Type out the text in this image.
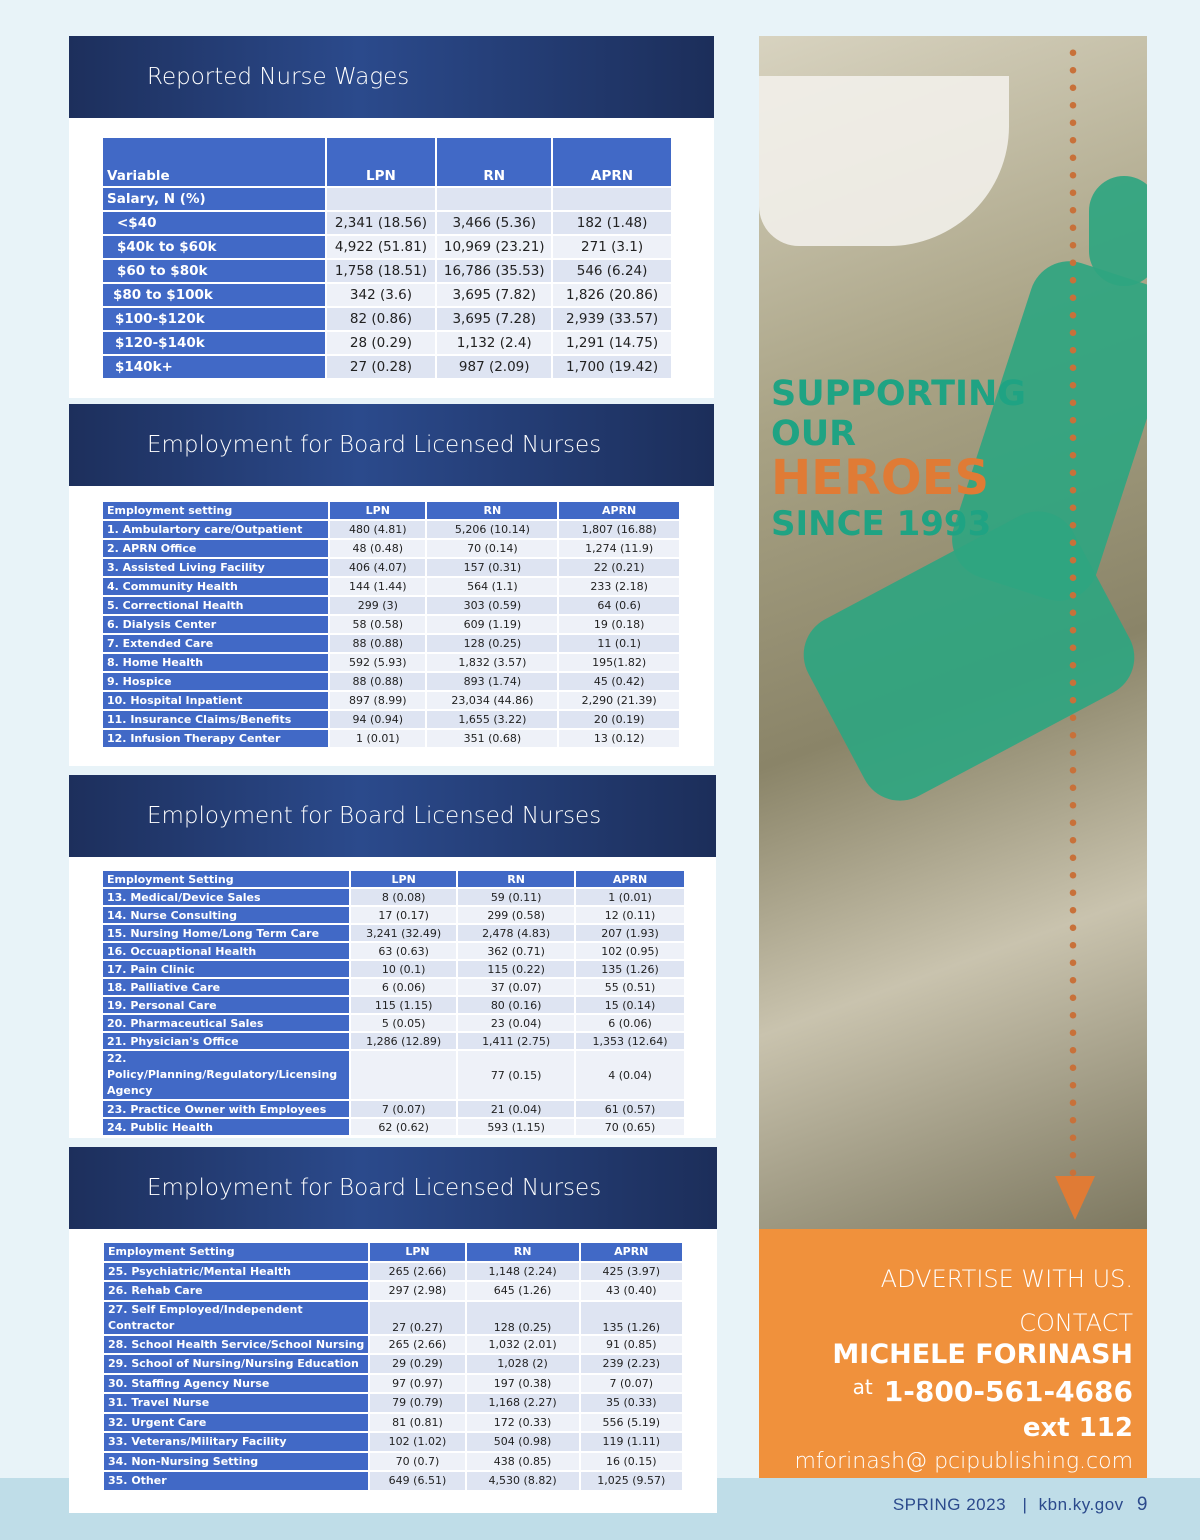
Reported Nurse Wages
Variable	LPN	RN	APRN
Salary, N (%)			
<$40	2,341 (18.56)	3,466 (5.36)	182 (1.48)
$40k to $60k	4,922 (51.81)	10,969 (23.21)	271 (3.1)
$60 to $80k	1,758 (18.51)	16,786 (35.53)	546 (6.24)
$80 to $100k	342 (3.6)	3,695 (7.82)	1,826 (20.86)
$100-$120k	82 (0.86)	3,695 (7.28)	2,939 (33.57)
$120-$140k	28 (0.29)	1,132 (2.4)	1,291 (14.75)
$140k+	27 (0.28)	987 (2.09)	1,700 (19.42)
Employment for Board Licensed Nurses
Employment setting	LPN	RN	APRN
1. Ambulartory care/Outpatient	480 (4.81)	5,206 (10.14)	1,807 (16.88)
2. APRN Office	48 (0.48)	70 (0.14)	1,274 (11.9)
3. Assisted Living Facility	406 (4.07)	157 (0.31)	22 (0.21)
4. Community Health	144 (1.44)	564 (1.1)	233 (2.18)
5. Correctional Health	299 (3)	303 (0.59)	64 (0.6)
6. Dialysis Center	58 (0.58)	609 (1.19)	19 (0.18)
7. Extended Care	88 (0.88)	128 (0.25)	11 (0.1)
8. Home Health	592 (5.93)	1,832 (3.57)	195(1.82)
9. Hospice	88 (0.88)	893 (1.74)	45 (0.42)
10. Hospital Inpatient	897 (8.99)	23,034 (44.86)	2,290 (21.39)
11. Insurance Claims/Benefits	94 (0.94)	1,655 (3.22)	20 (0.19)
12. Infusion Therapy Center	1 (0.01)	351 (0.68)	13 (0.12)
Employment for Board Licensed Nurses
Employment Setting	LPN	RN	APRN
13. Medical/Device Sales	8 (0.08)	59 (0.11)	1 (0.01)
14. Nurse Consulting	17 (0.17)	299 (0.58)	12 (0.11)
15. Nursing Home/Long Term Care	3,241 (32.49)	2,478 (4.83)	207 (1.93)
16. Occuaptional Health	63 (0.63)	362 (0.71)	102 (0.95)
17. Pain Clinic	10 (0.1)	115 (0.22)	135 (1.26)
18. Palliative Care	6 (0.06)	37 (0.07)	55 (0.51)
19. Personal Care	115 (1.15)	80 (0.16)	15 (0.14)
20. Pharmaceutical Sales	5 (0.05)	23 (0.04)	6 (0.06)
21. Physician's Office	1,286 (12.89)	1,411 (2.75)	1,353 (12.64)
22. Policy/Planning/Regulatory/Licensing Agency		77 (0.15)	4 (0.04)
23. Practice Owner with Employees	7 (0.07)	21 (0.04)	61 (0.57)
24. Public Health	62 (0.62)	593 (1.15)	70 (0.65)
Employment for Board Licensed Nurses
Employment Setting	LPN	RN	APRN
25. Psychiatric/Mental Health	265 (2.66)	1,148 (2.24)	425 (3.97)
26. Rehab Care	297 (2.98)	645 (1.26)	43 (0.40)
27. Self Employed/Independent Contractor	27 (0.27)	128 (0.25)	135 (1.26)
28. School Health Service/School Nursing	265 (2.66)	1,032 (2.01)	91 (0.85)
29. School of Nursing/Nursing Education	29 (0.29)	1,028 (2)	239 (2.23)
30. Staffing Agency Nurse	97 (0.97)	197 (0.38)	7 (0.07)
31. Travel Nurse	79 (0.79)	1,168 (2.27)	35 (0.33)
32. Urgent Care	81 (0.81)	172 (0.33)	556 (5.19)
33. Veterans/Military Facility	102 (1.02)	504 (0.98)	119 (1.11)
34. Non-Nursing Setting	70 (0.7)	438 (0.85)	16 (0.15)
35. Other	649 (6.51)	4,530 (8.82)	1,025 (9.57)
SUPPORTING
OUR
HEROES
SINCE 1993
ADVERTISE WITH US.
CONTACT
MICHELE FORINASH
at 1-800-561-4686
ext 112
mforinash@ pcipublishing.com
SPRING 2023  | kbn.ky.gov 9
